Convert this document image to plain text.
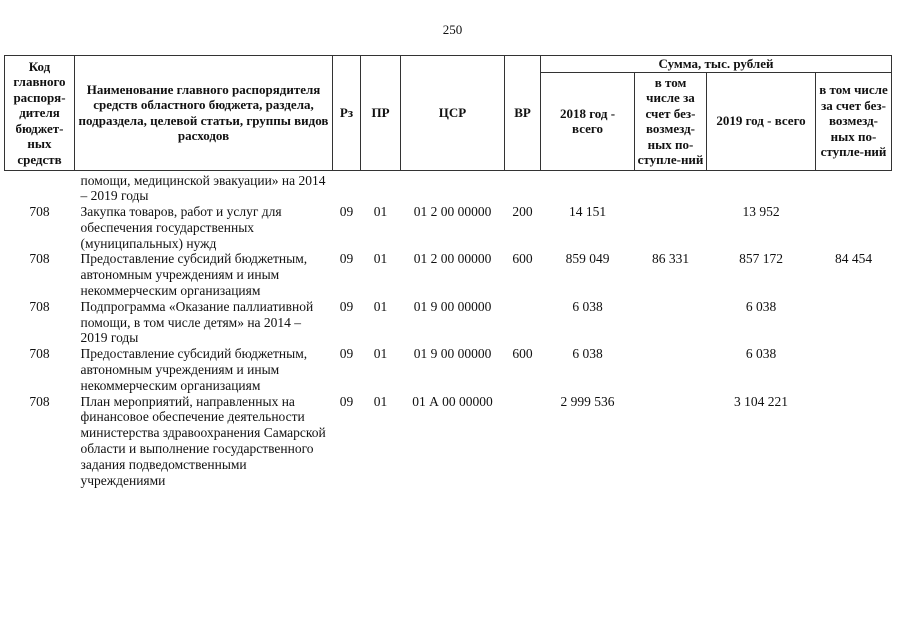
250
Код главного распоря-дителя бюджет-ных средств	Наименование главного распорядителя средств областного бюджета, раздела, подраздела, целевой статьи, группы видов расходов	Рз	ПР	ЦСР	ВР	Сумма, тыс. рублей			
						2018 год - всего	в том числе за счет без-возмезд-ных по-ступле-ний	2019 год - всего	в том числе за счет без-возмезд-ных по-ступле-ний
	помощи, медицинской эвакуации» на 2014 – 2019 годы								
708	Закупка товаров, работ и услуг для обеспечения государственных (муниципальных) нужд	09	01	01 2 00 00000	200	14 151		13 952	
708	Предоставление субсидий бюджетным, автономным учреждениям и иным некоммерческим организациям	09	01	01 2 00 00000	600	859 049	86 331	857 172	84 454
708	Подпрограмма «Оказание паллиативной помощи, в том числе детям» на 2014 – 2019 годы	09	01	01 9 00 00000		6 038		6 038	
708	Предоставление субсидий бюджетным, автономным учреждениям и иным некоммерческим организациям	09	01	01 9 00 00000	600	6 038		6 038	
708	План мероприятий, направленных на финансовое обеспечение деятельности министерства здравоохранения Самарской области и выполнение государственного задания подведомственными учреждениями	09	01	01 А 00 00000		2 999 536		3 104 221	
